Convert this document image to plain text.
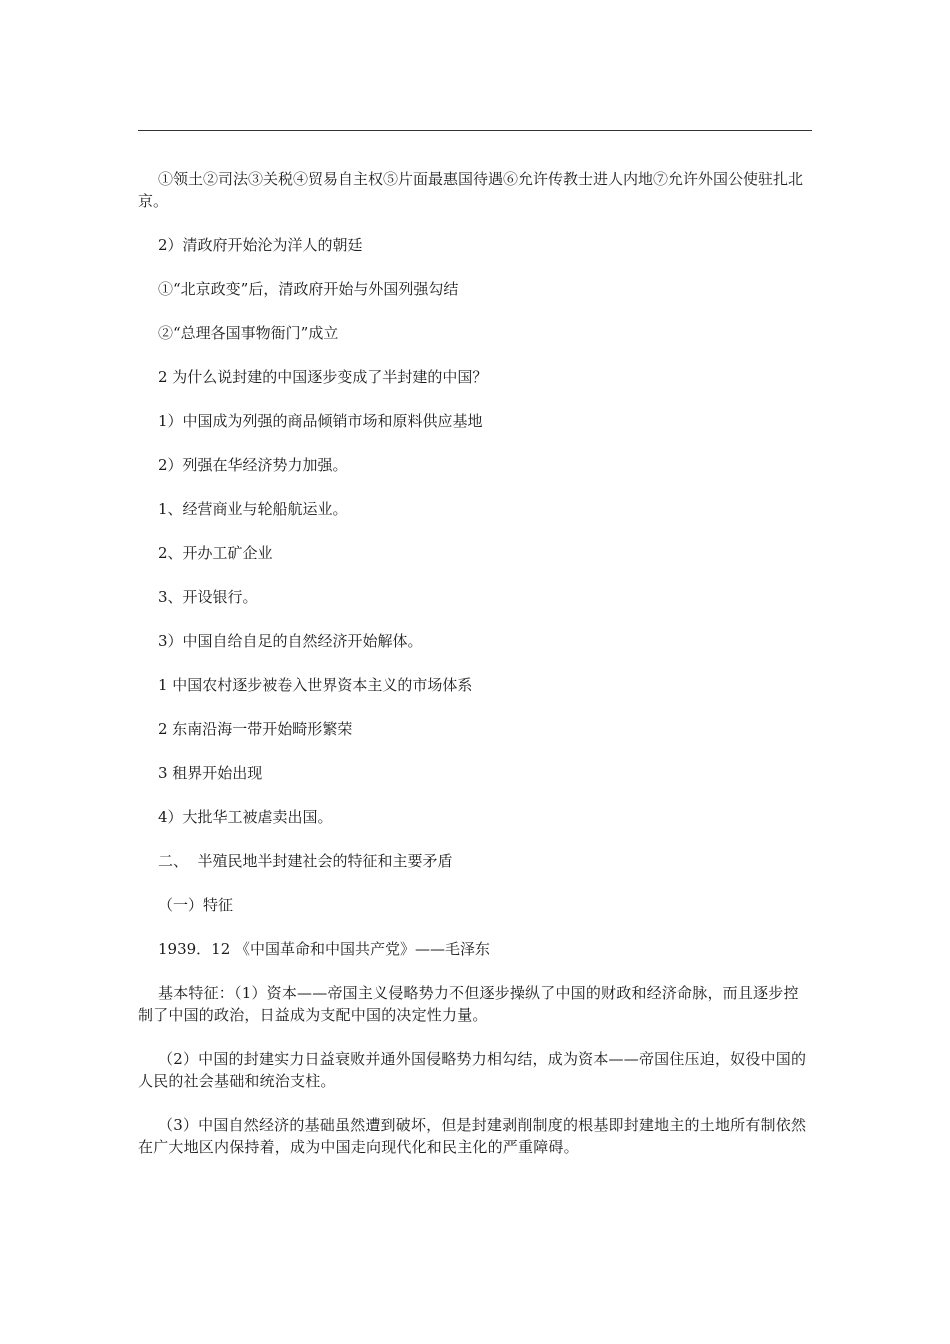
①领土②司法③关税④贸易自主权⑤片面最惠国待遇⑥允许传教士进人内地⑦允许外国公使驻扎北京。

2）清政府开始沦为洋人的朝廷

①“北京政变”后，清政府开始与外国列强勾结

②“总理各国事物衙门”成立

2 为什么说封建的中国逐步变成了半封建的中国？

1）中国成为列强的商品倾销市场和原料供应基地

2）列强在华经济势力加强。

1、经营商业与轮船航运业。

2、开办工矿企业

3、开设银行。

3）中国自给自足的自然经济开始解体。

1 中国农村逐步被卷入世界资本主义的市场体系

2 东南沿海一带开始畸形繁荣

3 租界开始出现

4）大批华工被虐卖出国。

二、  半殖民地半封建社会的特征和主要矛盾

（一）特征

1939．12 《中国革命和中国共产党》——毛泽东

基本特征：（1）资本——帝国主义侵略势力不但逐步操纵了中国的财政和经济命脉，而且逐步控制了中国的政治，日益成为支配中国的决定性力量。

（2）中国的封建实力日益衰败并通外国侵略势力相勾结，成为资本——帝国住压迫，奴役中国的人民的社会基础和统治支柱。

（3）中国自然经济的基础虽然遭到破坏，但是封建剥削制度的根基即封建地主的土地所有制依然在广大地区内保持着，成为中国走向现代化和民主化的严重障碍。
